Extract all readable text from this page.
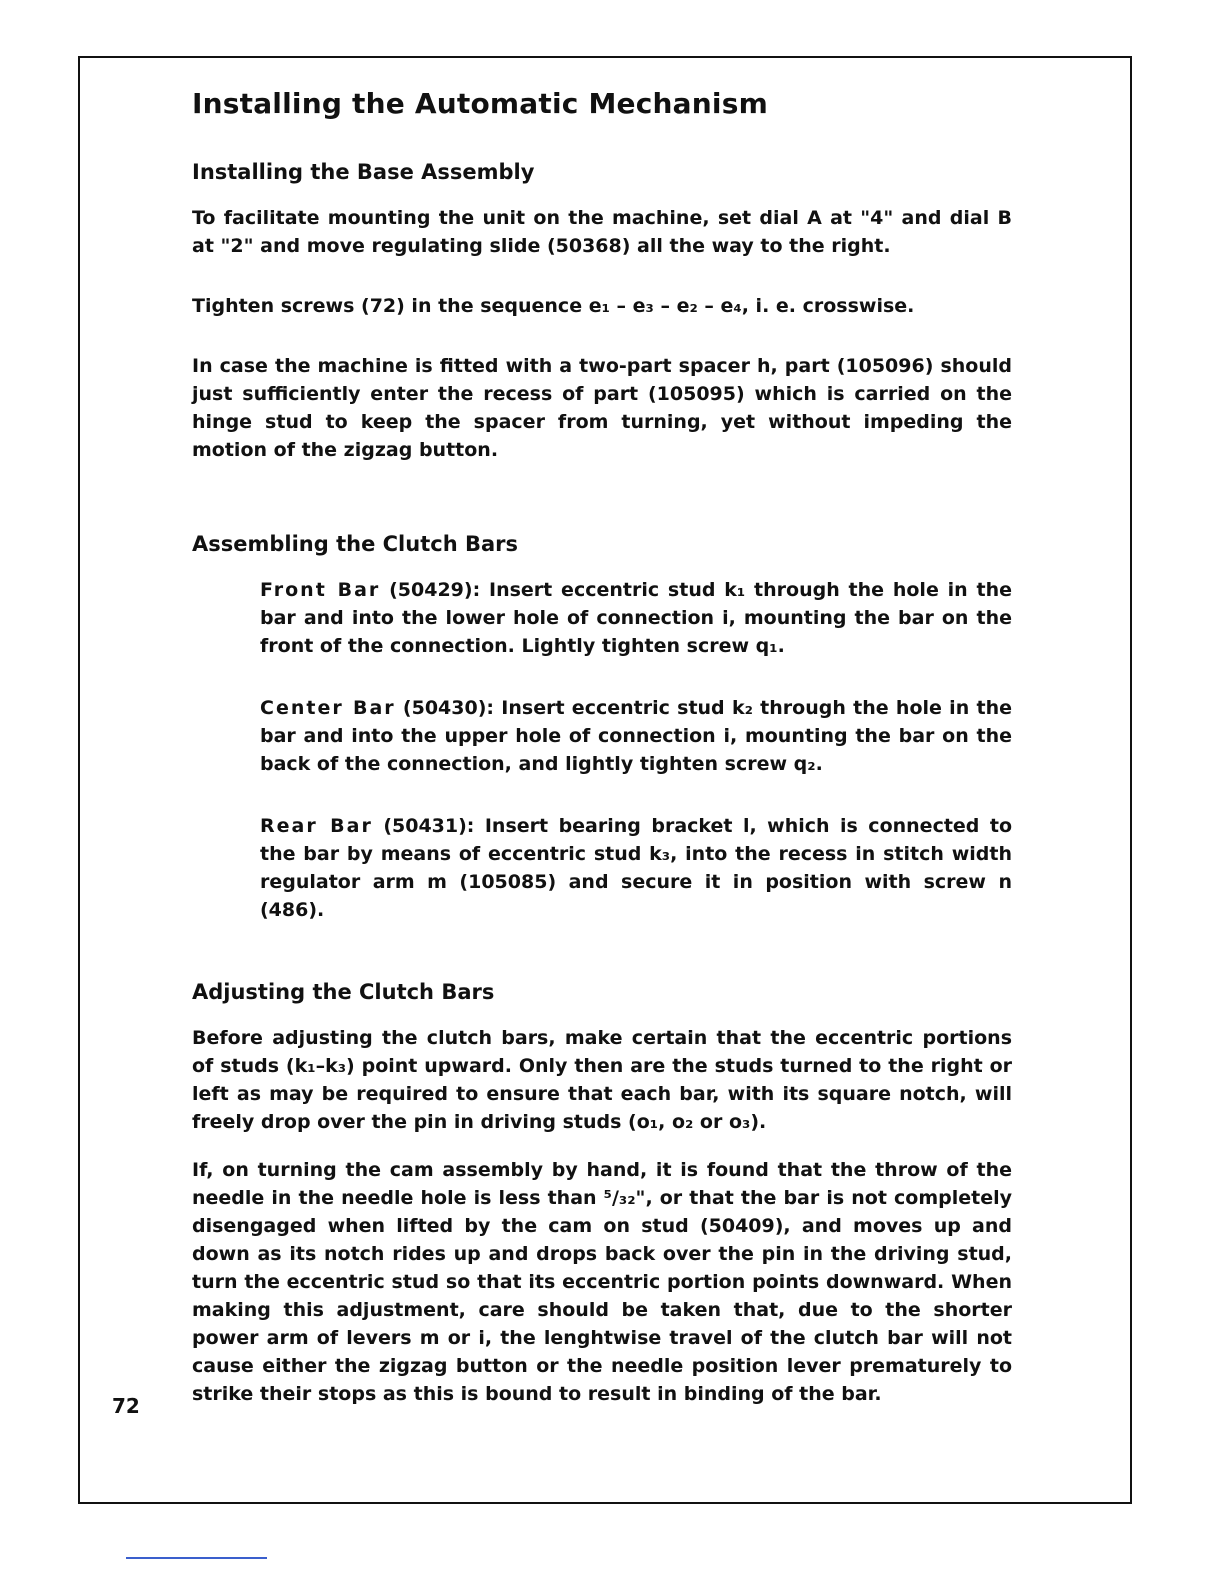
Installing the Automatic Mechanism
Installing the Base Assembly

To facilitate mounting the unit on the machine, set dial A at "4" and dial B at "2" and move regulating slide (50368) all the way to the right.

Tighten screws (72) in the sequence e₁ – e₃ – e₂ – e₄, i. e. crosswise.

In case the machine is fitted with a two-part spacer h, part (105096) should just sufficiently enter the recess of part (105095) which is carried on the hinge stud to keep the spacer from turning, yet without impeding the motion of the zigzag button.

Assembling the Clutch Bars

Front Bar (50429): Insert eccentric stud k₁ through the hole in the bar and into the lower hole of connection i, mounting the bar on the front of the connection. Lightly tighten screw q₁.

Center Bar (50430): Insert eccentric stud k₂ through the hole in the bar and into the upper hole of connection i, mounting the bar on the back of the connection, and lightly tighten screw q₂.

Rear Bar (50431): Insert bearing bracket l, which is connected to the bar by means of eccentric stud k₃, into the recess in stitch width regulator arm m (105085) and secure it in position with screw n (486).

Adjusting the Clutch Bars

Before adjusting the clutch bars, make certain that the eccentric portions of studs (k₁–k₃) point upward. Only then are the studs turned to the right or left as may be required to ensure that each bar, with its square notch, will freely drop over the pin in driving studs (o₁, o₂ or o₃).

If, on turning the cam assembly by hand, it is found that the throw of the needle in the needle hole is less than ⁵/₃₂", or that the bar is not completely disengaged when lifted by the cam on stud (50409), and moves up and down as its notch rides up and drops back over the pin in the driving stud, turn the eccentric stud so that its eccentric portion points downward. When making this adjustment, care should be taken that, due to the shorter power arm of levers m or i, the lenghtwise travel of the clutch bar will not cause either the zigzag button or the needle position lever prematurely to strike their stops as this is bound to result in binding of the bar.

72
